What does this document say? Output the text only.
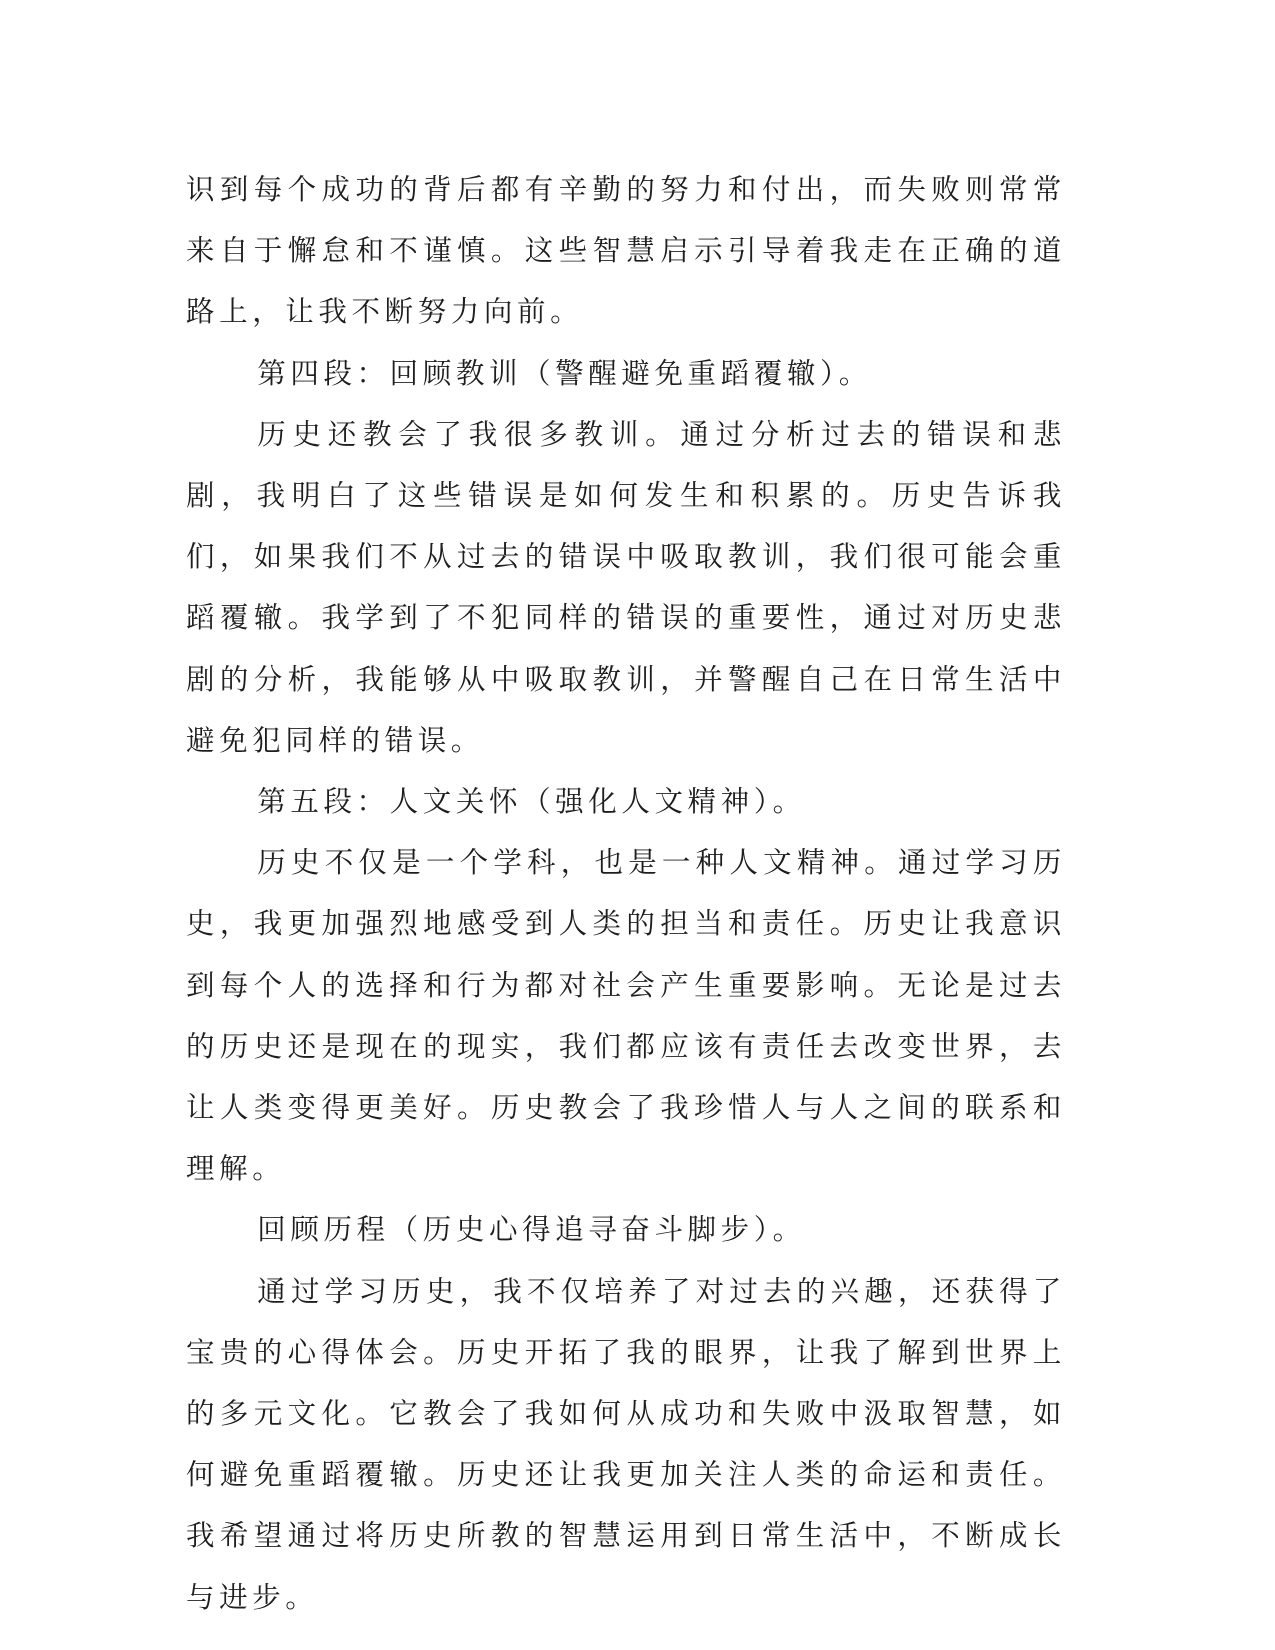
识到每个成功的背后都有辛勤的努力和付出，而失败则常常来自于懈怠和不谨慎。这些智慧启示引导着我走在正确的道路上，让我不断努力向前。

第四段：回顾教训（警醒避免重蹈覆辙）。

历史还教会了我很多教训。通过分析过去的错误和悲剧，我明白了这些错误是如何发生和积累的。历史告诉我们，如果我们不从过去的错误中吸取教训，我们很可能会重蹈覆辙。我学到了不犯同样的错误的重要性，通过对历史悲剧的分析，我能够从中吸取教训，并警醒自己在日常生活中避免犯同样的错误。

第五段：人文关怀（强化人文精神）。

历史不仅是一个学科，也是一种人文精神。通过学习历史，我更加强烈地感受到人类的担当和责任。历史让我意识到每个人的选择和行为都对社会产生重要影响。无论是过去的历史还是现在的现实，我们都应该有责任去改变世界，去让人类变得更美好。历史教会了我珍惜人与人之间的联系和理解。

回顾历程（历史心得追寻奋斗脚步）。

通过学习历史，我不仅培养了对过去的兴趣，还获得了宝贵的心得体会。历史开拓了我的眼界，让我了解到世界上的多元文化。它教会了我如何从成功和失败中汲取智慧，如何避免重蹈覆辙。历史还让我更加关注人类的命运和责任。我希望通过将历史所教的智慧运用到日常生活中，不断成长与进步。
